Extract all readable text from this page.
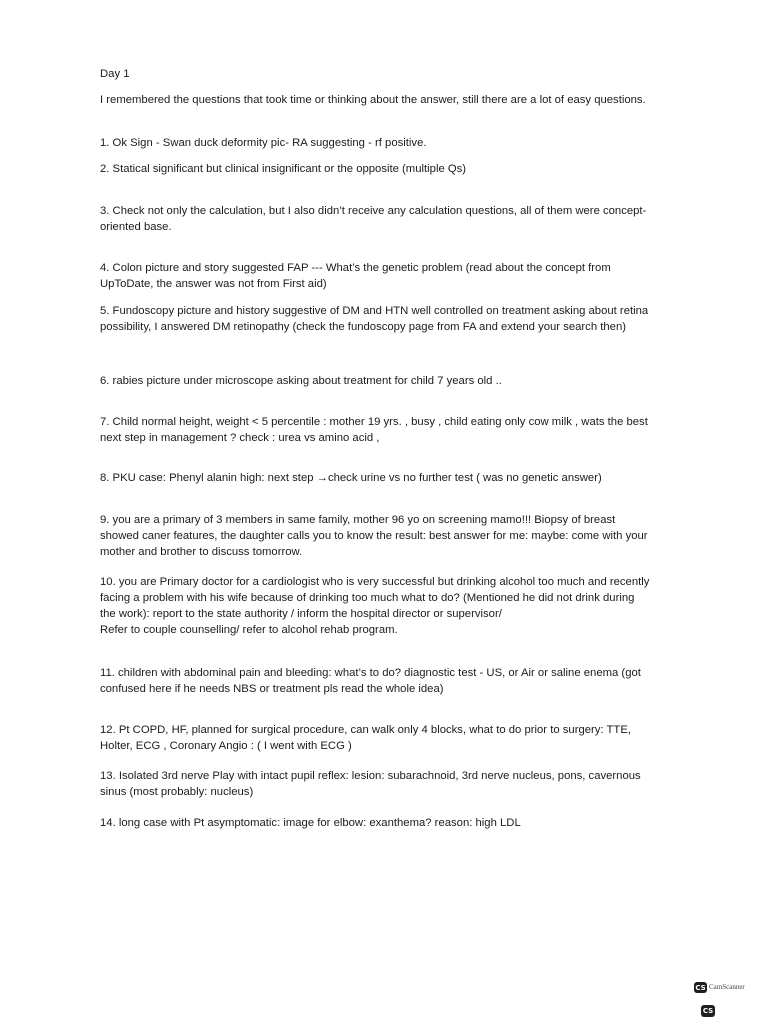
Day 1
I remembered the questions that took time or thinking about the answer, still there are a lot of easy questions.
1. Ok Sign - Swan duck deformity pic- RA suggesting - rf positive.
2. Statical significant but clinical insignificant or the opposite (multiple Qs)
3. Check not only the calculation, but I also didn’t receive any calculation questions, all of them were concept-
oriented base.
4. Colon picture and story suggested FAP --- What’s the genetic problem (read about the concept from
UpToDate, the answer was not from First aid)
5. Fundoscopy picture and history suggestive of DM and HTN well controlled on treatment asking about retina
possibility, I answered DM retinopathy (check the fundoscopy page from FA and extend your search then)
6. rabies picture under microscope asking about treatment for child 7 years old ..
7. Child normal height, weight < 5 percentile : mother 19 yrs. , busy , child eating only cow milk , wats the best
next step in management ? check : urea vs amino acid ,
8. PKU case: Phenyl alanin high: next step →check urine vs no further test ( was no genetic answer)
9. you are a primary of 3 members in same family, mother 96 yo on screening mamo!!! Biopsy of breast
showed caner features, the daughter calls you to know the result: best answer for me: maybe: come with your
mother and brother to discuss tomorrow.
10. you are Primary doctor for a cardiologist who is very successful but drinking alcohol too much and recently
facing a problem with his wife because of drinking too much what to do? (Mentioned he did not drink during
the work): report to the state authority / inform the hospital director or supervisor/
Refer to couple counselling/ refer to alcohol rehab program.
11. children with abdominal pain and bleeding: what’s to do? diagnostic test - US, or Air or saline enema (got
confused here if he needs NBS or treatment pls read the whole idea)
12. Pt COPD, HF, planned for surgical procedure, can walk only 4 blocks, what to do prior to surgery: TTE,
Holter, ECG , Coronary Angio : ( I went with ECG )
13. Isolated 3rd nerve Play with intact pupil reflex: lesion: subarachnoid, 3rd nerve nucleus, pons, cavernous
sinus (most probably: nucleus)
14. long case with Pt asymptomatic: image for elbow: exanthema? reason: high LDL
CS CamScanner
CS
